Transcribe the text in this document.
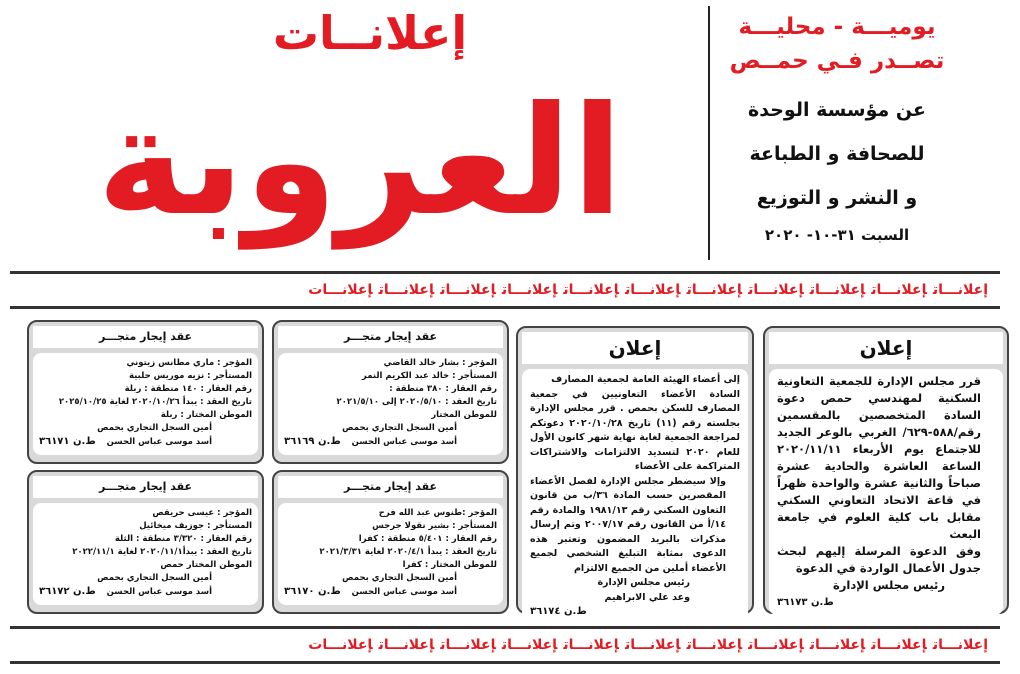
إعلانــات
العروبة
يوميـــة - محليـــة
تصــدر فـي حمــص
عن مؤسسة الوحدة
للصحافة و الطباعة
و النشر و التوزيع
السبت ٣١-١٠- ٢٠٢٠
إعلانـــاتإعلانـــاتإعلانـــاتإعلانـــاتإعلانـــاتإعلانـــاتإعلانـــاتإعلانـــاتإعلانـــاتإعلانـــاتإعلانـــات
إعلان

قرر مجلس الإدارة للجمعية التعاونية السكنية لمهندسي حمص دعوة السادة المتخصصين بالمقسمين رقم/٥٨٨-٦٢٩/ الغربي بالوعر الجديد للاجتماع يوم الأربعاء ٢٠٢٠/١١/١١ الساعة العاشرة والحادية عشرة صباحاً والثانية عشرة والواحدة ظهراً في قاعة الاتحاد التعاوني السكني مقابل باب كلية العلوم في جامعة البعث

وفق الدعوة المرسلة إليهم لبحث جدول الأعمال الواردة في الدعوة

رئيس مجلس الإدارة

ط.ن ٣٦١٧٣

إعلان

إلى أعضاء الهيئة العامة لجمعية المصارف

السادة الأعضاء التعاونيين في جمعية المصارف للسكن بحمص . قرر مجلس الإدارة بجلسته رقم (١١) تاريخ ٢٠٢٠/١٠/٢٨ دعوتكم لمراجعة الجمعية لغاية نهاية شهر كانون الأول للعام ٢٠٢٠ لتسديد الالتزامات والاشتراكات المتراكمة على الأعضاء

وإلا سيضطر مجلس الإدارة لفصل الأعضاء المقصرين حسب المادة ٣٦/ب من قانون التعاون السكني رقم ١٩٨١/١٣ والمادة رقم ١٤/أ من القانون رقم ٢٠٠٧/١٧ وتم إرسال مذكرات بالبريد المضمون وتعتبر هذه الدعوى بمثابة التبليغ الشخصي لجميع الأعضاء أملين من الجميع الالتزام

رئيس مجلس الإدارة

وعد علي الابراهيم

ط.ن ٣٦١٧٤

عقد إيجار متجـــر

المؤجر : بشار خالد القاضي

المستأجر : خالد عبد الكريم النمر

رقم العقار : ٣٨٠ منطقة :

تاريخ العقد : ٢٠٢٠/٥/١٠ إلى ٢٠٢١/٥/١٠

للموطن المختار

أمين السجل التجاري بحمص

أسد موسى عباس الحسن

ط.ن ٣٦١٦٩

عقد إيجار متجـــر

المؤجر : ماري مطانس زيتوني

المستأجر : نزيه موريس حلبية

رقم العقار : ١٤٠ منطقة : ربلة

تاريخ العقد : يبدأ ٢٠٢٠/١٠/٢٦ لغاية ٢٠٢٥/١٠/٢٥

الموطن المختار : ربلة

أمين السجل التجاري بحمص

أسد موسى عباس الحسن

ط.ن ٣٦١٧١

عقد إيجار متجـــر

المؤجر :طنوس عبد الله فرح

المستأجر : بشير نقولا جرجس

رقم العقار : ٥/٤٠١ منطقة : كفرا

تاريخ العقد : يبدأ ٢٠٢٠/٤/١ لغاية ٢٠٢١/٣/٣١

للموطن المختار : كفرا

أمين السجل التجاري بحمص

أسد موسى عباس الحسن

ط.ن ٣٦١٧٠

عقد إيجار متجـــر

المؤجر : عيسى حريقص

المستأجر : جوزيف ميخائيل

رقم العقار : ٣/٣٢٠ منطقة : الثلة

تاريخ العقد : يبدأ٢٠٢٠/١١/١ لغاية ٢٠٢٢/١١/١

الموطن المختار حمص

أمين السجل التجاري بحمص

أسد موسى عباس الحسن

ط.ن ٣٦١٧٢

إعلانـــاتإعلانـــاتإعلانـــاتإعلانـــاتإعلانـــاتإعلانـــاتإعلانـــاتإعلانـــاتإعلانـــاتإعلانـــاتإعلانـــات
